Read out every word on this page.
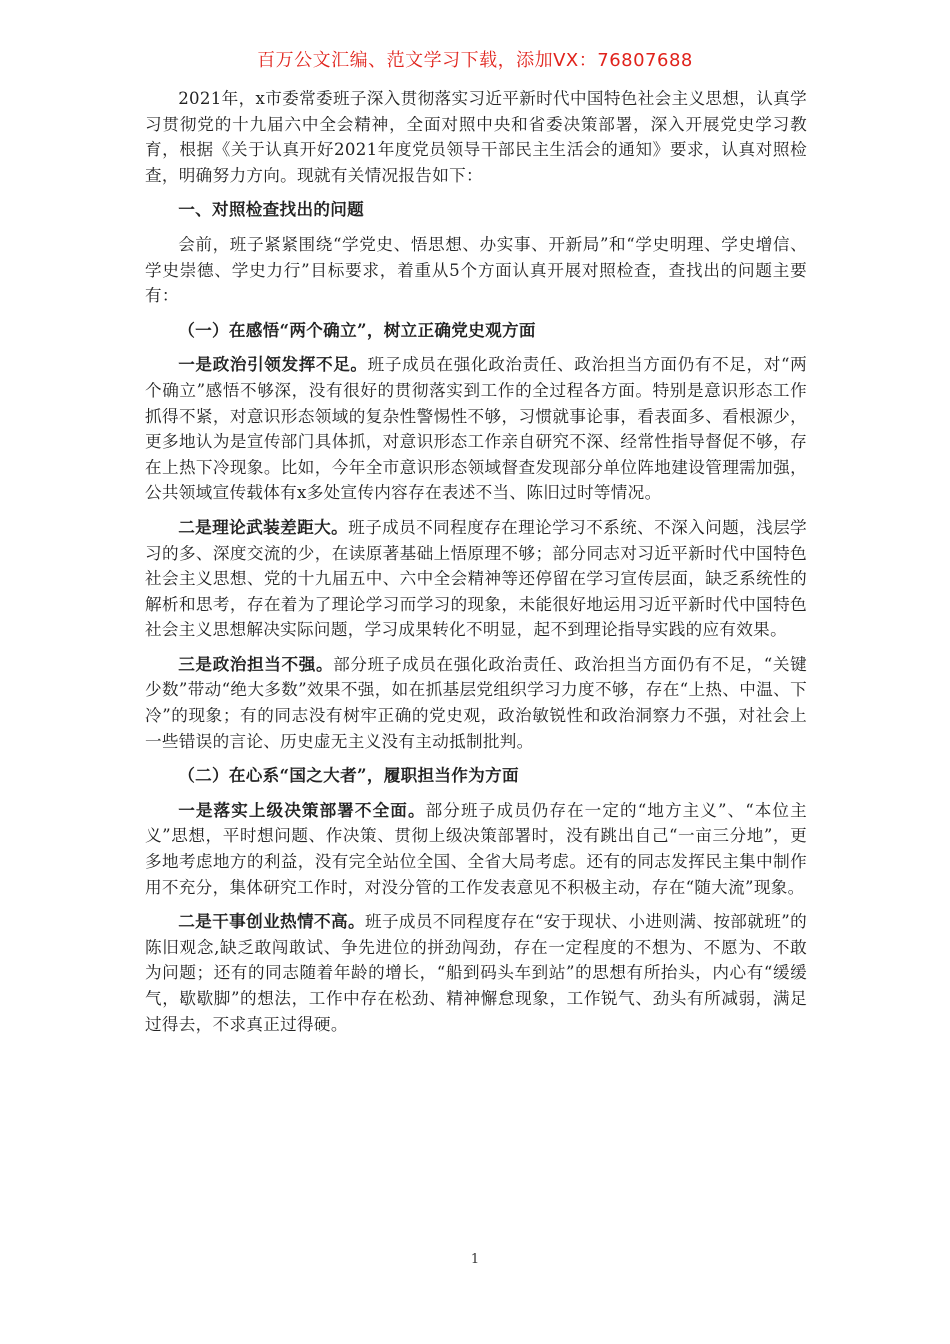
百万公文汇编、范文学习下载，添加VX：76807688

2021年，x市委常委班子深入贯彻落实习近平新时代中国特色社会主义思想，认真学习贯彻党的十九届六中全会精神，全面对照中央和省委决策部署，深入开展党史学习教育，根据《关于认真开好2021年度党员领导干部民主生活会的通知》要求，认真对照检查，明确努力方向。现就有关情况报告如下：

一、对照检查找出的问题

会前，班子紧紧围绕“学党史、悟思想、办实事、开新局”和“学史明理、学史增信、学史崇德、学史力行”目标要求，着重从5个方面认真开展对照检查，查找出的问题主要有：

（一）在感悟“两个确立”，树立正确党史观方面

一是政治引领发挥不足。班子成员在强化政治责任、政治担当方面仍有不足，对“两个确立”感悟不够深，没有很好的贯彻落实到工作的全过程各方面。特别是意识形态工作抓得不紧，对意识形态领域的复杂性警惕性不够，习惯就事论事，看表面多、看根源少，更多地认为是宣传部门具体抓，对意识形态工作亲自研究不深、经常性指导督促不够，存在上热下冷现象。比如，今年全市意识形态领域督查发现部分单位阵地建设管理需加强，公共领域宣传载体有x多处宣传内容存在表述不当、陈旧过时等情况。

二是理论武装差距大。班子成员不同程度存在理论学习不系统、不深入问题，浅层学习的多、深度交流的少，在读原著基础上悟原理不够；部分同志对习近平新时代中国特色社会主义思想、党的十九届五中、六中全会精神等还停留在学习宣传层面，缺乏系统性的解析和思考，存在着为了理论学习而学习的现象，未能很好地运用习近平新时代中国特色社会主义思想解决实际问题，学习成果转化不明显，起不到理论指导实践的应有效果。

三是政治担当不强。部分班子成员在强化政治责任、政治担当方面仍有不足，“关键少数”带动“绝大多数”效果不强，如在抓基层党组织学习力度不够，存在“上热、中温、下冷”的现象；有的同志没有树牢正确的党史观，政治敏锐性和政治洞察力不强，对社会上一些错误的言论、历史虚无主义没有主动抵制批判。

（二）在心系“国之大者”，履职担当作为方面

一是落实上级决策部署不全面。部分班子成员仍存在一定的“地方主义”、“本位主义”思想，平时想问题、作决策、贯彻上级决策部署时，没有跳出自己“一亩三分地”，更多地考虑地方的利益，没有完全站位全国、全省大局考虑。还有的同志发挥民主集中制作用不充分，集体研究工作时，对没分管的工作发表意见不积极主动，存在“随大流”现象。

二是干事创业热情不高。班子成员不同程度存在“安于现状、小进则满、按部就班”的陈旧观念,缺乏敢闯敢试、争先进位的拼劲闯劲，存在一定程度的不想为、不愿为、不敢为问题；还有的同志随着年龄的增长，“船到码头车到站”的思想有所抬头，内心有“缓缓气，歇歇脚”的想法，工作中存在松劲、精神懈怠现象，工作锐气、劲头有所减弱，满足过得去，不求真正过得硬。

1
